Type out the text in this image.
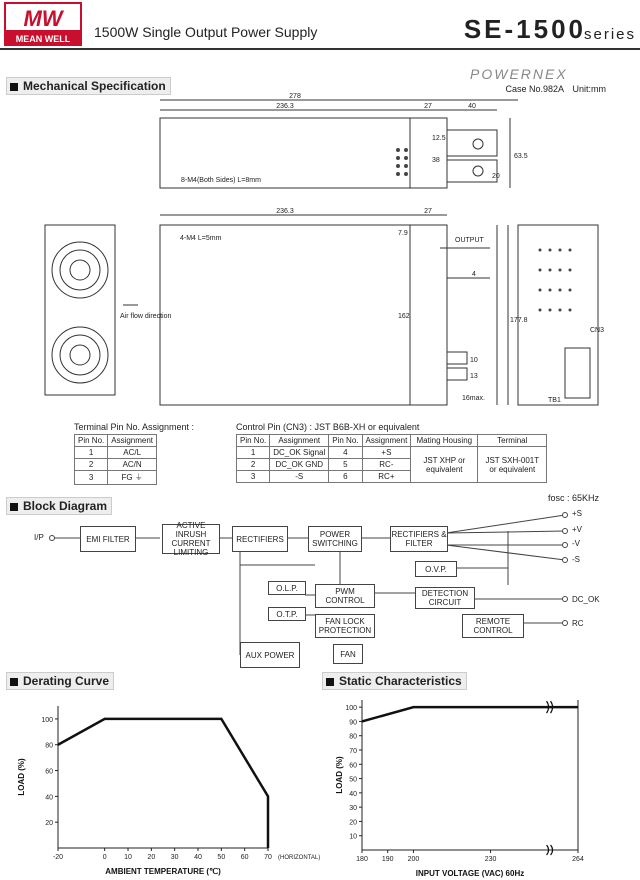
MW
MEAN WELL	1500W Single Output Power Supply	SE-1500
series
Mechanical Specification
POWERNEX
Case No.982A Unit:mm
278
236.3	27	40
12.5
38
20
63.5
8-M4(Both Sides) L=8mm
236.3	27
4-M4 L=5mm
7.9
162
OUTPUT
4
10
13
16max.
177.8
Air flow direction
CN3
TB1
Terminal Pin No. Assignment :
Pin No.	Assignment
1	AC/L
2	AC/N
3	FG ⏚
Control Pin (CN3) : JST B6B-XH or equivalent
Pin No.	Assignment	Pin No.	Assignment	Mating Housing	Terminal
1	DC_OK Signal	4	+S	JST XHP or equivalent	JST SXH-001T or equivalent
2	DC_OK GND	5	RC-		
3	-S	6	RC+		
Block Diagram
fosc : 65KHz
I/P	EMI FILTER
ACTIVE INRUSH CURRENT LIMITING
RECTIFIERS	POWER SWITCHING
RECTIFIERS & FILTER
O.V.P.
O.L.P.	PWM CONTROL
DETECTION CIRCUIT
O.T.P.
FAN LOCK PROTECTION
REMOTE CONTROL
AUX POWER	FAN
+S
+V
-V
-S
DC_OK
RC
Derating Curve
20
40
60
80
100
-20	0 10 20 30 40 50 60 70
AMBIENT TEMPERATURE (℃)
LOAD (%)
(HORIZONTAL)
Static Characteristics
10
20
30
40
50
60
70
80
90
100
180 190 200	230	264
INPUT VOLTAGE (VAC) 60Hz
LOAD (%)
